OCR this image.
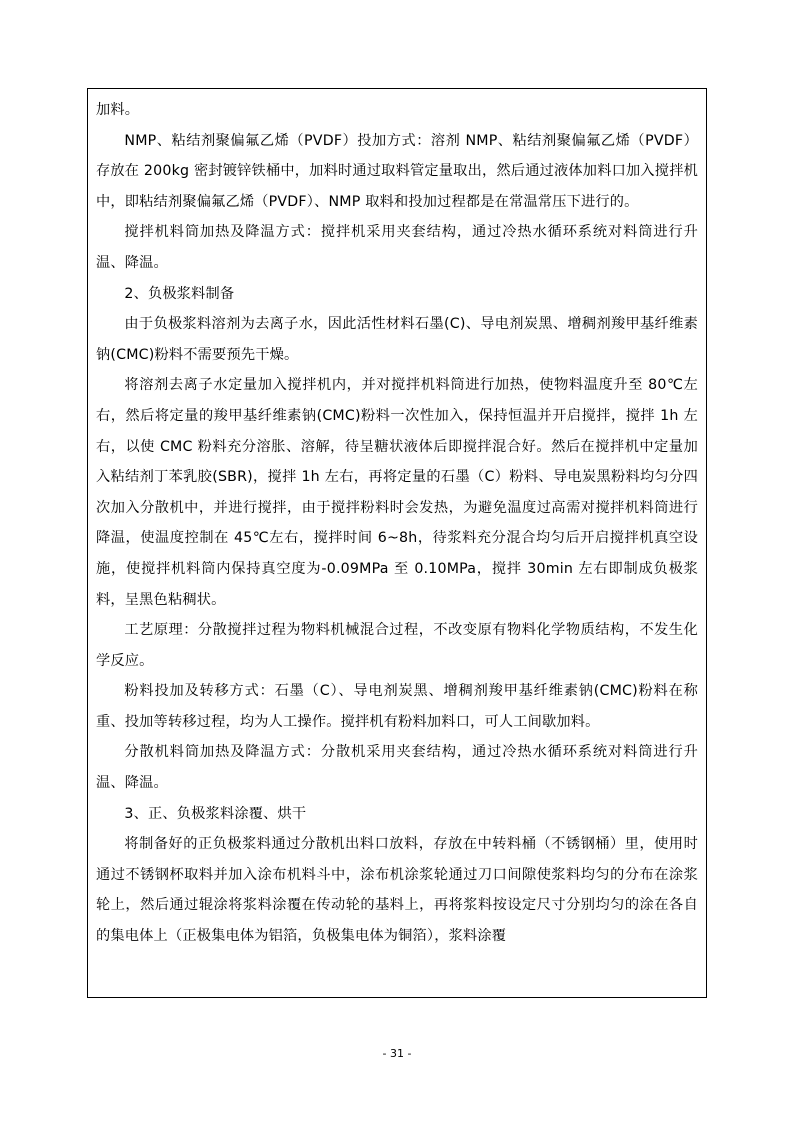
加料。

NMP、粘结剂聚偏氟乙烯（PVDF）投加方式：溶剂 NMP、粘结剂聚偏氟乙烯（PVDF）存放在 200kg 密封镀锌铁桶中，加料时通过取料管定量取出，然后通过液体加料口加入搅拌机中，即粘结剂聚偏氟乙烯（PVDF）、NMP 取料和投加过程都是在常温常压下进行的。

搅拌机料筒加热及降温方式：搅拌机采用夹套结构，通过冷热水循环系统对料筒进行升温、降温。

2、负极浆料制备

由于负极浆料溶剂为去离子水，因此活性材料石墨(C)、导电剂炭黑、增稠剂羧甲基纤维素钠(CMC)粉料不需要预先干燥。

将溶剂去离子水定量加入搅拌机内，并对搅拌机料筒进行加热，使物料温度升至 80℃左右，然后将定量的羧甲基纤维素钠(CMC)粉料一次性加入，保持恒温并开启搅拌，搅拌 1h 左右，以使 CMC 粉料充分溶胀、溶解，待呈糖状液体后即搅拌混合好。然后在搅拌机中定量加入粘结剂丁苯乳胶(SBR)，搅拌 1h 左右，再将定量的石墨（C）粉料、导电炭黑粉料均匀分四次加入分散机中，并进行搅拌，由于搅拌粉料时会发热，为避免温度过高需对搅拌机料筒进行降温，使温度控制在 45℃左右，搅拌时间 6~8h，待浆料充分混合均匀后开启搅拌机真空设施，使搅拌机料筒内保持真空度为-0.09MPa 至 0.10MPa，搅拌 30min 左右即制成负极浆料，呈黑色粘稠状。

工艺原理：分散搅拌过程为物料机械混合过程，不改变原有物料化学物质结构，不发生化学反应。

粉料投加及转移方式：石墨（C）、导电剂炭黑、增稠剂羧甲基纤维素钠(CMC)粉料在称重、投加等转移过程，均为人工操作。搅拌机有粉料加料口，可人工间歇加料。

分散机料筒加热及降温方式：分散机采用夹套结构，通过冷热水循环系统对料筒进行升温、降温。

3、正、负极浆料涂覆、烘干

将制备好的正负极浆料通过分散机出料口放料，存放在中转料桶（不锈钢桶）里，使用时通过不锈钢杯取料并加入涂布机料斗中，涂布机涂浆轮通过刀口间隙使浆料均匀的分布在涂浆轮上，然后通过辊涂将浆料涂覆在传动轮的基料上，再将浆料按设定尺寸分别均匀的涂在各自的集电体上（正极集电体为铝箔，负极集电体为铜箔），浆料涂覆

- 31 -
